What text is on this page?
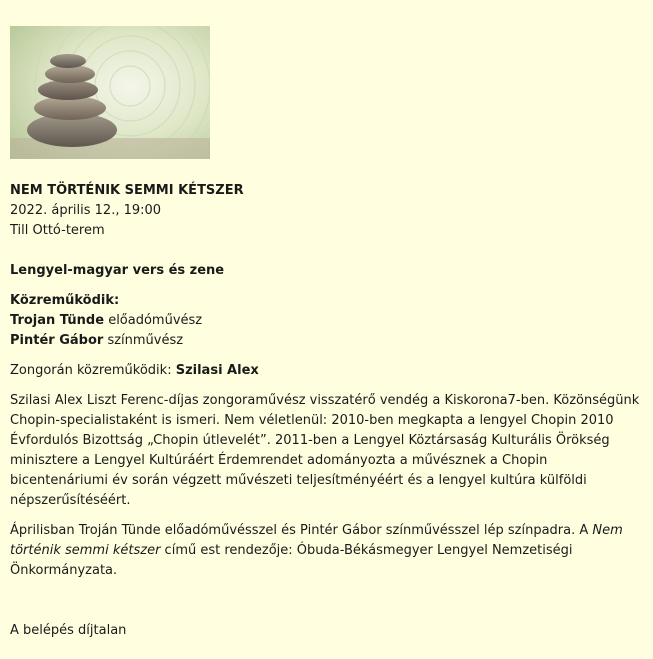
NEM TÖRTÉNIK SEMMI KÉTSZER
2022. április 12., 19:00
Till Ottó-terem
Lengyel-magyar vers és zene
Közreműködik:
Trojan Tünde előadóművész
Pintér Gábor színművész

Zongorán közreműködik: Szilasi Alex

Szilasi Alex Liszt Ferenc-díjas zongoraművész visszatérő vendég a Kiskorona7-ben. Közönségünk Chopin-specialistaként is ismeri. Nem véletlenül: 2010-ben megkapta a lengyel Chopin 2010 Évfordulós Bizottság „Chopin útlevelét”. 2011-ben a Lengyel Köztársaság Kulturális Örökség minisztere a Lengyel Kultúráért Érdemrendet adományozta a művésznek a Chopin bicentenáriumi év során végzett művészeti teljesítményéért és a lengyel kultúra külföldi népszerűsítéséért.

Áprilisban Troján Tünde előadóművésszel és Pintér Gábor színművésszel lép színpadra. A Nem történik semmi kétszer című est rendezője: Óbuda-Békásmegyer Lengyel Nemzetiségi Önkormányzata.

A belépés díjtalan
